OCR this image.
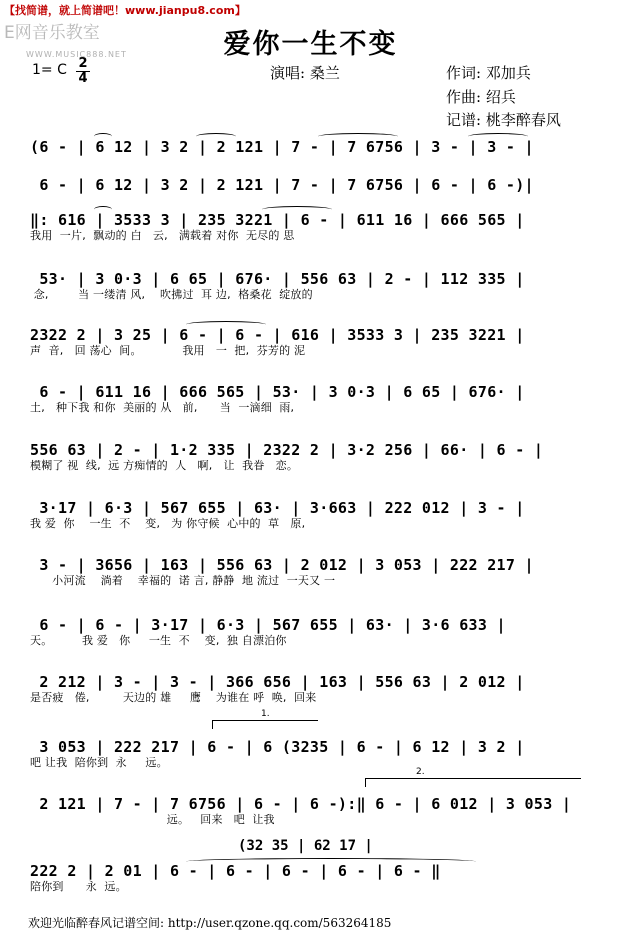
【找简谱，就上简谱吧！www.jianpu8.com】
E网音乐教室
WWW.MUSIC888.NET	爱你一生不变
1= C 2
4	演唱: 桑兰	作词: 邓加兵
作曲: 绍兵
记谱: 桃李醉春风
(6 - | 6 12 | 3 2 | 2 121 | 7 - | 7 6756 | 3 - | 3 - |
6 - | 6 12 | 3 2 | 2 121 | 7 - | 7 6756 | 6 - | 6 -)|
‖: 616 | 3533 3 | 235 3221 | 6 - | 611 16 | 666 565 |
我用  一片,  飘动的 白   云,   满载着 对你  无尽的 思
53· | 3 0·3 | 6 65 | 676· | 556 63 | 2 - | 112 335 |
念,        当 一缕清 风,    吹拂过  耳 边,  格桑花  绽放的
2322 2 | 3 25 | 6 - | 6 - | 616 | 3533 3 | 235 3221 |
声  音,   回 荡心  间。           我用   一  把,  芬芳的 泥
6 - | 611 16 | 666 565 | 53· | 3 0·3 | 6 65 | 676· |
土,   种下我 和你  美丽的 从   前,      当  一滴细  雨,
556 63 | 2 - | 1·2 335 | 2322 2 | 3·2 256 | 66· | 6 - |
模糊了 视  线,  远 方痴情的  人   啊,   让  我眷   恋。
3·17 | 6·3 | 567 655 | 63· | 3·663 | 222 012 | 3 - |
我 爱  你    一生  不    变,   为 你守候  心中的  草   原,
3 - | 3656 | 163 | 556 63 | 2 012 | 3 053 | 222 217 |
小河流    淌着    幸福的  诺 言, 静静  地 流过  一天又 一
6 - | 6 - | 3·17 | 6·3 | 567 655 | 63· | 3·6 633 |
天。        我 爱   你     一生  不    变,  独 自漂泊你
2 212 | 3 - | 3 - | 366 656 | 163 | 556 63 | 2 012 |
是否疲   倦,         天边的 雄     鹰    为谁在 呼  唤,  回来
1.
3 053 | 222 217 | 6 - | 6 (3235 | 6 - | 6 12 | 3 2 |
吧 让我  陪你到  永     远。
2.
2 121 | 7 - | 7 6756 | 6 - | 6 -):‖ 6 - | 6 012 | 3 053 |
远。   回来   吧  让我
(32 35 | 62 17 |
222 2 | 2 01 | 6 - | 6 - | 6 - | 6 - | 6 - ‖
陪你到      永  远。
欢迎光临醉春风记谱空间: http://user.qzone.qq.com/563264185
